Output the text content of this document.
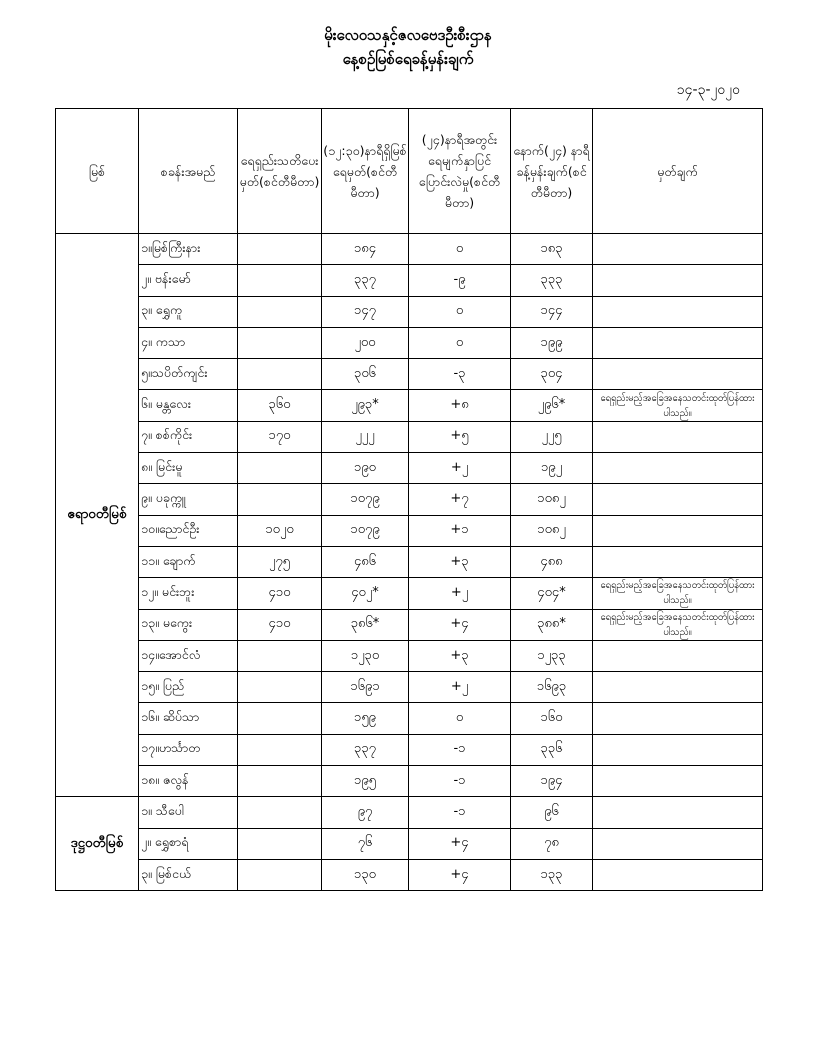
မိုးလေဝသနှင့်ဇလဗေဒဦးစီးဌာန
နေ့စဉ်မြစ်ရေခန့်မှန်းချက်
၁၄-၃-၂၀၂၀
မြစ်	စခန်းအမည်	ရေရှည်းသတိပေးမှတ်(စင်တီမီတာ)	(၁၂:၃၀)နာရီရှိမြစ်ရေမှတ်(စင်တီမီတာ)	(၂၄)နာရီအတွင်းရေမျက်နှာပြင်ပြောင်းလဲမှု(စင်တီမီတာ)	နောက်(၂၄) နာရီခန့်မှန်းချက်(စင်တီမီတာ)	မှတ်ချက်
ဧရာဝတီမြစ်	၁။မြစ်ကြီးနား		၁၈၄	၀	၁၈၃	
	၂။ ဗန်းမော်		၃၃၇	-၉	၃၃၃	
	၃။ ရွှေကူ		၁၄၇	၀	၁၄၄	
	၄။ ကသာ		၂၀၀	၀	၁၉၉	
	၅။သပိတ်ကျင်း		၃၀၆	-၃	၃၀၄	
	၆။ မန္တလေး	၃၆၀	၂၉၃*	+၈	၂၉၆*	ရေရှည်းမည့်အခြေအနေသတင်းထုတ်ပြန်ထားပါသည်။
	၇။ စစ်ကိုင်း	၁၇၀	၂၂၂	+၅	၂၂၅	
	၈။ မြင်းမူ		၁၉၀	+၂	၁၉၂	
	၉။ ပခုက္ကူ		၁၀၇၉	+၇	၁၀၈၂	
	၁၀။ညောင်ဦး	၁၀၂၀	၁၀၇၉	+၁	၁၀၈၂	
	၁၁။ ချောက်	၂၇၅	၄၈၆	+၃	၄၈၈	
	၁၂။ မင်းဘူး	၄၁၀	၄၀၂*	+၂	၄၀၄*	ရေရှည်းမည့်အခြေအနေသတင်းထုတ်ပြန်ထားပါသည်။
	၁၃။ မကွေး	၄၁၀	၃၈၆*	+၄	၃၈၈*	ရေရှည်းမည့်အခြေအနေသတင်းထုတ်ပြန်ထားပါသည်။
	၁၄။အောင်လံ		၁၂၃၀	+၃	၁၂၃၃	
	၁၅။ ပြည်		၁၆၉၁	+၂	၁၆၉၃	
	၁၆။ ဆိပ်သာ		၁၅၉	၀	၁၆၀	
	၁၇။ဟင်္သာတ		၃၃၇	-၁	၃၃၆	
	၁၈။ ဇလွန်		၁၉၅	-၁	၁၉၄	
ဒုဋ္ဌဝတီမြစ်	၁။ သီပေါ		၉၇	-၁	၉၆	
	၂။ ရွှေစာရံ		၇၆	+၄	၇၈	
	၃။ မြစ်ငယ်		၁၃၀	+၄	၁၃၃	
